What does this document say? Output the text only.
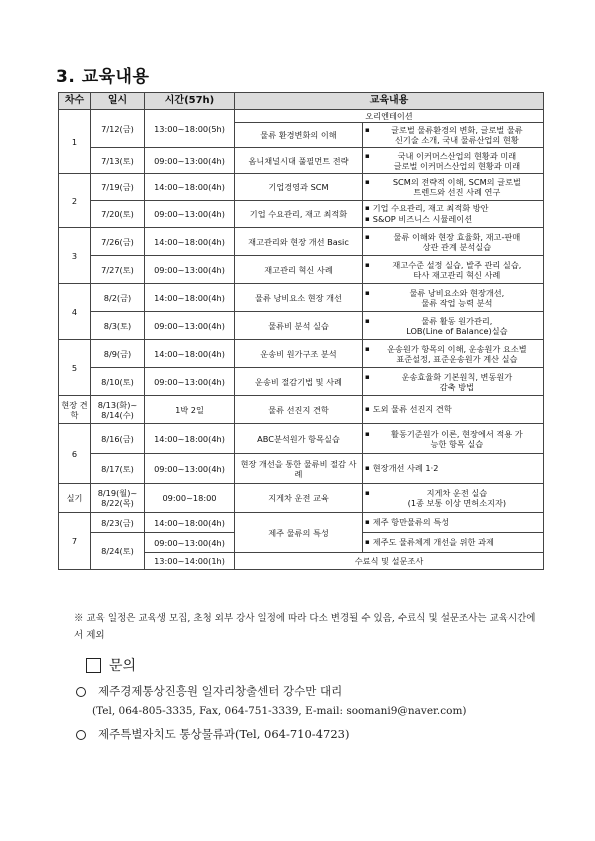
3. 교육내용
차수	일시	시간(57h)	교육내용	
1	7/12(금)	13:00~18:00(5h)	오리엔테이션	
			물류 환경변화의 이해	▪ 글로벌 물류환경의 변화, 글로벌 물류
신기술 소개, 국내 물류산업의 현황

	7/13(토)	09:00~13:00(4h)	옴니채널시대 풀필먼트 전략	▪ 국내 이커머스산업의 현황과 미래
글로벌 이커머스산업의 현황과 미래

2	7/19(금)	14:00~18:00(4h)	기업경영과 SCM	▪ SCM의 전략적 이해, SCM의 글로벌
트렌드와 선진 사례 연구

	7/20(토)	09:00~13:00(4h)	기업 수요관리, 재고 최적화	▪ 기업 수요관리, 재고 최적화 방안
▪ S&OP 비즈니스 시뮬레이션

3	7/26(금)	14:00~18:00(4h)	재고관리와 현장 개선 Basic	▪ 물류 이해와 현장 효율화, 재고-판매
상관 관계 분석실습

	7/27(토)	09:00~13:00(4h)	재고관리 혁신 사례	▪ 재고수준 설정 실습, 발주 관리 실습,
타사 재고관리 혁신 사례

4	8/2(금)	14:00~18:00(4h)	물류 낭비요소 현장 개선	▪ 물류 낭비요소와 현장개선,
물류 작업 능력 분석

	8/3(토)	09:00~13:00(4h)	물류비 분석 실습	▪ 물류 활동 원가관리,
LOB(Line of Balance)실습

5	8/9(금)	14:00~18:00(4h)	운송비 원가구조 분석	▪ 운송원가 항목의 이해, 운송원가 요소별
표준설정, 표준운송원가 계산 실습

	8/10(토)	09:00~13:00(4h)	운송비 절감기법 및 사례	▪ 운송효율화 기본원칙, 변동원가
감축 방법

현장 견학	8/13(화)~ 8/14(수)	1박 2일	물류 선진지 견학	▪ 도외 물류 선진지 견학

6	8/16(금)	14:00~18:00(4h)	ABC분석원가 항목실습	▪ 활동기준원가 이론, 현장에서 적용 가
능한 항목 실습

	8/17(토)	09:00~13:00(4h)	현장 개선을 통한 물류비 절감 사례	▪ 현장개선 사례 1·2

실기	8/19(월)~ 8/22(목)	09:00~18:00	지게차 운전 교육	▪ 지게차 운전 실습
(1종 보통 이상 면허소지자)

7	8/23(금)	14:00~18:00(4h)	제주 물류의 특성	▪ 제주 항만물류의 특성

	8/24(토)	09:00~13:00(4h)		▪ 제주도 물류체계 개선을 위한 과제

		13:00~14:00(1h)	수료식 및 설문조사	
※ 교육 일정은 교육생 모집, 초청 외부 강사 일정에 따라 다소 변경될 수 있음, 수료식 및 설문조사는 교육시간에서 제외
문의
제주경제통상진흥원 일자리창출센터 강수만 대리
(Tel, 064-805-3335, Fax, 064-751-3339, E-mail: soomani9@naver.com)
제주특별자치도 통상물류과(Tel, 064-710-4723)
